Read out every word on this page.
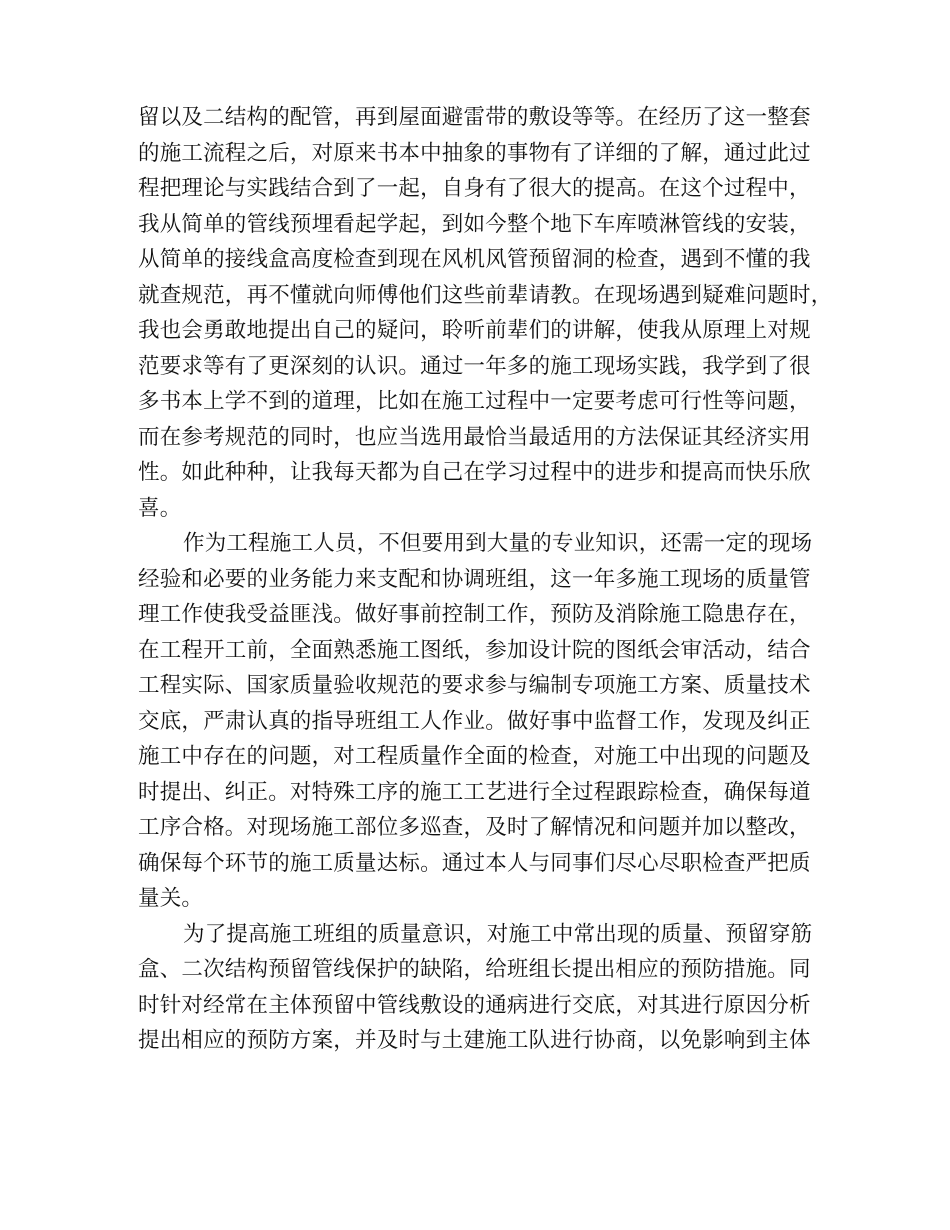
留以及二结构的配管，再到屋面避雷带的敷设等等。在经历了这一整套
的施工流程之后，对原来书本中抽象的事物有了详细的了解，通过此过
程把理论与实践结合到了一起，自身有了很大的提高。在这个过程中，
我从简单的管线预埋看起学起，到如今整个地下车库喷淋管线的安装，
从简单的接线盒高度检查到现在风机风管预留洞的检查，遇到不懂的我
就查规范，再不懂就向师傅他们这些前辈请教。在现场遇到疑难问题时，
我也会勇敢地提出自己的疑问，聆听前辈们的讲解，使我从原理上对规
范要求等有了更深刻的认识。通过一年多的施工现场实践，我学到了很
多书本上学不到的道理，比如在施工过程中一定要考虑可行性等问题，
而在参考规范的同时，也应当选用最恰当最适用的方法保证其经济实用
性。如此种种，让我每天都为自己在学习过程中的进步和提高而快乐欣
喜。
作为工程施工人员，不但要用到大量的专业知识，还需一定的现场
经验和必要的业务能力来支配和协调班组，这一年多施工现场的质量管
理工作使我受益匪浅。做好事前控制工作，预防及消除施工隐患存在，
在工程开工前，全面熟悉施工图纸，参加设计院的图纸会审活动，结合
工程实际、国家质量验收规范的要求参与编制专项施工方案、质量技术
交底，严肃认真的指导班组工人作业。做好事中监督工作，发现及纠正
施工中存在的问题，对工程质量作全面的检查，对施工中出现的问题及
时提出、纠正。对特殊工序的施工工艺进行全过程跟踪检查，确保每道
工序合格。对现场施工部位多巡查，及时了解情况和问题并加以整改，
确保每个环节的施工质量达标。通过本人与同事们尽心尽职检查严把质
量关。
为了提高施工班组的质量意识，对施工中常出现的质量、预留穿筋
盒、二次结构预留管线保护的缺陷，给班组长提出相应的预防措施。同
时针对经常在主体预留中管线敷设的通病进行交底，对其进行原因分析
提出相应的预防方案，并及时与土建施工队进行协商，以免影响到主体
